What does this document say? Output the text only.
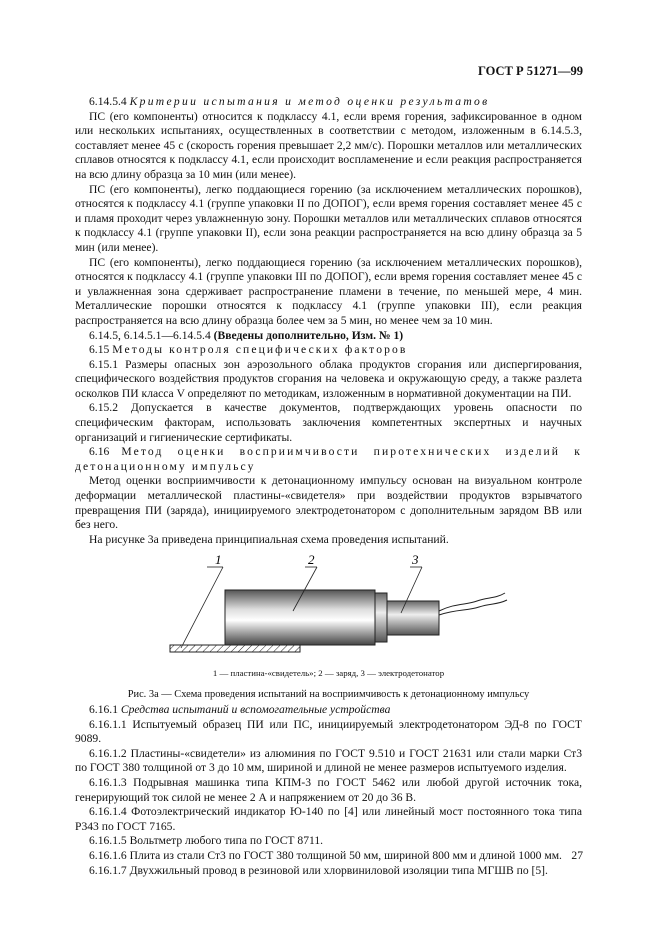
ГОСТ Р 51271—99

6.14.5.4 Критерии испытания и метод оценки результатов

ПС (его компоненты) относится к подклассу 4.1, если время горения, зафиксированное в одном или нескольких испытаниях, осуществленных в соответствии с методом, изложенным в 6.14.5.3, составляет менее 45 с (скорость горения превышает 2,2 мм/с). Порошки металлов или металлических сплавов относятся к подклассу 4.1, если происходит воспламенение и если реакция распространяется на всю длину образца за 10 мин (или менее).

ПС (его компоненты), легко поддающиеся горению (за исключением металлических порошков), относятся к подклассу 4.1 (группе упаковки II по ДОПОГ), если время горения составляет менее 45 с и пламя проходит через увлажненную зону. Порошки металлов или металлических сплавов относятся к подклассу 4.1 (группе упаковки II), если зона реакции распространяется на всю длину образца за 5 мин (или менее).

ПС (его компоненты), легко поддающиеся горению (за исключением металлических порошков), относятся к подклассу 4.1 (группе упаковки III по ДОПОГ), если время горения составляет менее 45 с и увлажненная зона сдерживает распространение пламени в течение, по меньшей мере, 4 мин. Металлические порошки относятся к подклассу 4.1 (группе упаковки III), если реакция распространяется на всю длину образца более чем за 5 мин, но менее чем за 10 мин.

6.14.5, 6.14.5.1—6.14.5.4 (Введены дополнительно, Изм. № 1)

6.15 Методы контроля специфических факторов

6.15.1 Размеры опасных зон аэрозольного облака продуктов сгорания или диспергирования, специфического воздействия продуктов сгорания на человека и окружающую среду, а также разлета осколков ПИ класса V определяют по методикам, изложенным в нормативной документации на ПИ.

6.15.2 Допускается в качестве документов, подтверждающих уровень опасности по специфическим факторам, использовать заключения компетентных экспертных и научных организаций и гигиенические сертификаты.

6.16 Метод оценки восприимчивости пиротехнических изделий к детонационному импульсу

Метод оценки восприимчивости к детонационному импульсу основан на визуальном контроле деформации металлической пластины-«свидетеля» при воздействии продуктов взрывчатого превращения ПИ (заряда), инициируемого электродетонатором с дополнительным зарядом ВВ или без него.

На рисунке 3а приведена принципиальная схема проведения испытаний.

1	2	3
1 — пластина-«свидетель»; 2 — заряд, 3 — электродетонатор

Рис. 3а — Схема проведения испытаний на восприимчивость к детонационному импульсу

6.16.1 Средства испытаний и вспомогательные устройства

6.16.1.1 Испытуемый образец ПИ или ПС, инициируемый электродетонатором ЭД-8 по ГОСТ 9089.

6.16.1.2 Пластины-«свидетели» из алюминия по ГОСТ 9.510 и ГОСТ 21631 или стали марки Ст3 по ГОСТ 380 толщиной от 3 до 10 мм, шириной и длиной не менее размеров испытуемого изделия.

6.16.1.3 Подрывная машинка типа КПМ-3 по ГОСТ 5462 или любой другой источник тока, генерирующий ток силой не менее 2 А и напряжением от 20 до 36 В.

6.16.1.4 Фотоэлектрический индикатор Ю-140 по [4] или линейный мост постоянного тока типа Р343 по ГОСТ 7165.

6.16.1.5 Вольтметр любого типа по ГОСТ 8711.

6.16.1.6 Плита из стали Ст3 по ГОСТ 380 толщиной 50 мм, шириной 800 мм и длиной 1000 мм.

6.16.1.7 Двухжильный провод в резиновой или хлорвиниловой изоляции типа МГШВ по [5].

27
